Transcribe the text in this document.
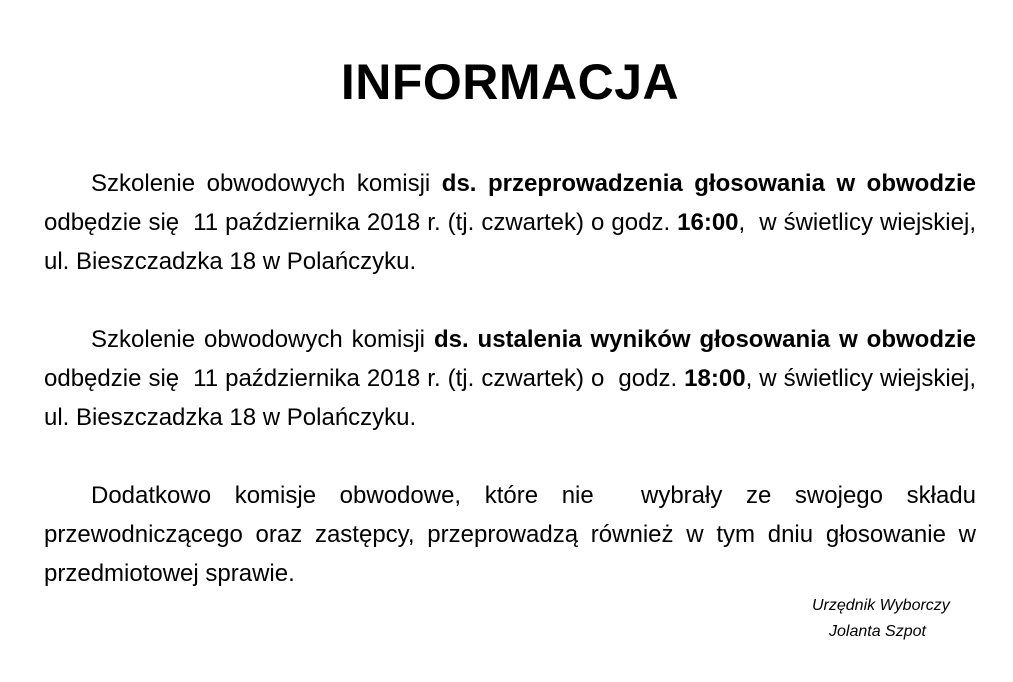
INFORMACJA

Szkolenie obwodowych komisji ds. przeprowadzenia głosowania w obwodzie odbędzie się  11 października 2018 r. (tj. czwartek) o godz. 16:00,  w świetlicy wiejskiej, ul. Bieszczadzka 18 w Polańczyku.

Szkolenie obwodowych komisji ds. ustalenia wyników głosowania w obwodzie odbędzie się  11 października 2018 r. (tj. czwartek) o  godz. 18:00, w świetlicy wiejskiej, ul. Bieszczadzka 18 w Polańczyku.

Dodatkowo komisje obwodowe, które nie  wybrały ze swojego składu przewodniczącego oraz zastępcy, przeprowadzą również w tym dniu głosowanie w przedmiotowej sprawie.

Urzędnik Wyborczy
Jolanta Szpot
